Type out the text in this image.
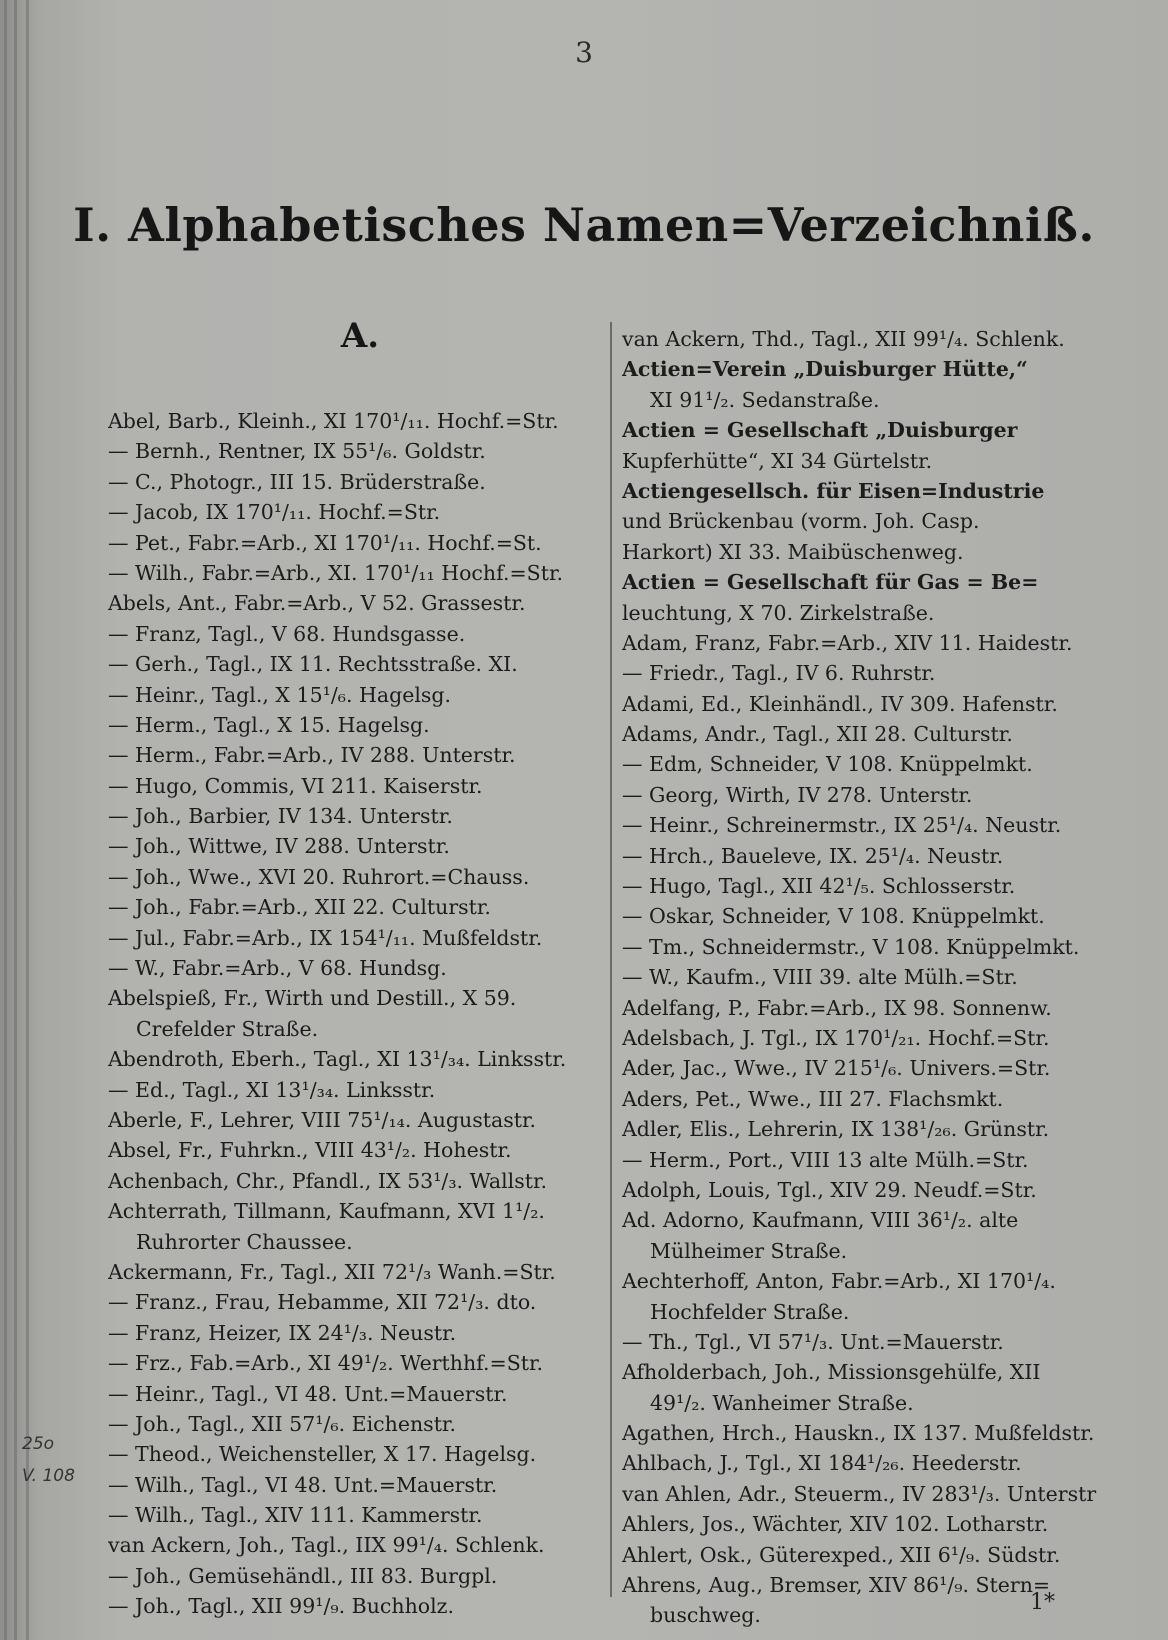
3
I. Alphabetisches Namen=Verzeichniß.
A.
Abel, Barb., Kleinh., XI 170¹/₁₁. Hochf.=Str.
— Bernh., Rentner, IX 55¹/₆. Goldstr.
— C., Photogr., III 15. Brüderstraße.
— Jacob, IX 170¹/₁₁. Hochf.=Str.
— Pet., Fabr.=Arb., XI 170¹/₁₁. Hochf.=St.
— Wilh., Fabr.=Arb., XI. 170¹/₁₁ Hochf.=Str.
Abels, Ant., Fabr.=Arb., V 52. Grassestr.
— Franz, Tagl., V 68. Hundsgasse.
— Gerh., Tagl., IX 11. Rechtsstraße. XI.
— Heinr., Tagl., X 15¹/₆. Hagelsg.
— Herm., Tagl., X 15. Hagelsg.
— Herm., Fabr.=Arb., IV 288. Unterstr.
— Hugo, Commis, VI 211. Kaiserstr.
— Joh., Barbier, IV 134. Unterstr.
— Joh., Wittwe, IV 288. Unterstr.
— Joh., Wwe., XVI 20. Ruhrort.=Chauss.
— Joh., Fabr.=Arb., XII 22. Culturstr.
— Jul., Fabr.=Arb., IX 154¹/₁₁. Mußfeldstr.
— W., Fabr.=Arb., V 68. Hundsg.
Abelspieß, Fr., Wirth und Destill., X 59.
Crefelder Straße.
Abendroth, Eberh., Tagl., XI 13¹/₃₄. Linksstr.
— Ed., Tagl., XI 13¹/₃₄. Linksstr.
Aberle, F., Lehrer, VIII 75¹/₁₄. Augustastr.
Absel, Fr., Fuhrkn., VIII 43¹/₂. Hohestr.
Achenbach, Chr., Pfandl., IX 53¹/₃. Wallstr.
Achterrath, Tillmann, Kaufmann, XVI 1¹/₂.
Ruhrorter Chaussee.
Ackermann, Fr., Tagl., XII 72¹/₃ Wanh.=Str.
— Franz., Frau, Hebamme, XII 72¹/₃. dto.
— Franz, Heizer, IX 24¹/₃. Neustr.
— Frz., Fab.=Arb., XI 49¹/₂. Werthhf.=Str.
— Heinr., Tagl., VI 48. Unt.=Mauerstr.
— Joh., Tagl., XII 57¹/₆. Eichenstr.
— Theod., Weichensteller, X 17. Hagelsg.
— Wilh., Tagl., VI 48. Unt.=Mauerstr.
— Wilh., Tagl., XIV 111. Kammerstr.
van Ackern, Joh., Tagl., IIX 99¹/₄. Schlenk.
— Joh., Gemüsehändl., III 83. Burgpl.
— Joh., Tagl., XII 99¹/₉. Buchholz.
van Ackern, Thd., Tagl., XII 99¹/₄. Schlenk.
Actien=Verein „Duisburger Hütte,“
XI 91¹/₂. Sedanstraße.
Actien = Gesellschaft „Duisburger
Kupferhütte“, XI 34 Gürtelstr.
Actiengesellsch. für Eisen=Industrie
und Brückenbau (vorm. Joh. Casp.
Harkort) XI 33. Maibüschenweg.
Actien = Gesellschaft für Gas = Be=
leuchtung, X 70. Zirkelstraße.
Adam, Franz, Fabr.=Arb., XIV 11. Haidestr.
— Friedr., Tagl., IV 6. Ruhrstr.
Adami, Ed., Kleinhändl., IV 309. Hafenstr.
Adams, Andr., Tagl., XII 28. Culturstr.
— Edm, Schneider, V 108. Knüppelmkt.
— Georg, Wirth, IV 278. Unterstr.
— Heinr., Schreinermstr., IX 25¹/₄. Neustr.
— Hrch., Baueleve, IX. 25¹/₄. Neustr.
— Hugo, Tagl., XII 42¹/₅. Schlosserstr.
— Oskar, Schneider, V 108. Knüppelmkt.
— Tm., Schneidermstr., V 108. Knüppelmkt.
— W., Kaufm., VIII 39. alte Mülh.=Str.
Adelfang, P., Fabr.=Arb., IX 98. Sonnenw.
Adelsbach, J. Tgl., IX 170¹/₂₁. Hochf.=Str.
Ader, Jac., Wwe., IV 215¹/₆. Univers.=Str.
Aders, Pet., Wwe., III 27. Flachsmkt.
Adler, Elis., Lehrerin, IX 138¹/₂₆. Grünstr.
— Herm., Port., VIII 13 alte Mülh.=Str.
Adolph, Louis, Tgl., XIV 29. Neudf.=Str.
Ad. Adorno, Kaufmann, VIII 36¹/₂. alte
Mülheimer Straße.
Aechterhoff, Anton, Fabr.=Arb., XI 170¹/₄.
Hochfelder Straße.
— Th., Tgl., VI 57¹/₃. Unt.=Mauerstr.
Afholderbach, Joh., Missionsgehülfe, XII
49¹/₂. Wanheimer Straße.
Agathen, Hrch., Hauskn., IX 137. Mußfeldstr.
Ahlbach, J., Tgl., XI 184¹/₂₆. Heederstr.
van Ahlen, Adr., Steuerm., IV 283¹/₃. Unterstr
Ahlers, Jos., Wächter, XIV 102. Lotharstr.
Ahlert, Osk., Güterexped., XII 6¹/₉. Südstr.
Ahrens, Aug., Bremser, XIV 86¹/₉. Stern=
buschweg.
25o
V. 108
1*
